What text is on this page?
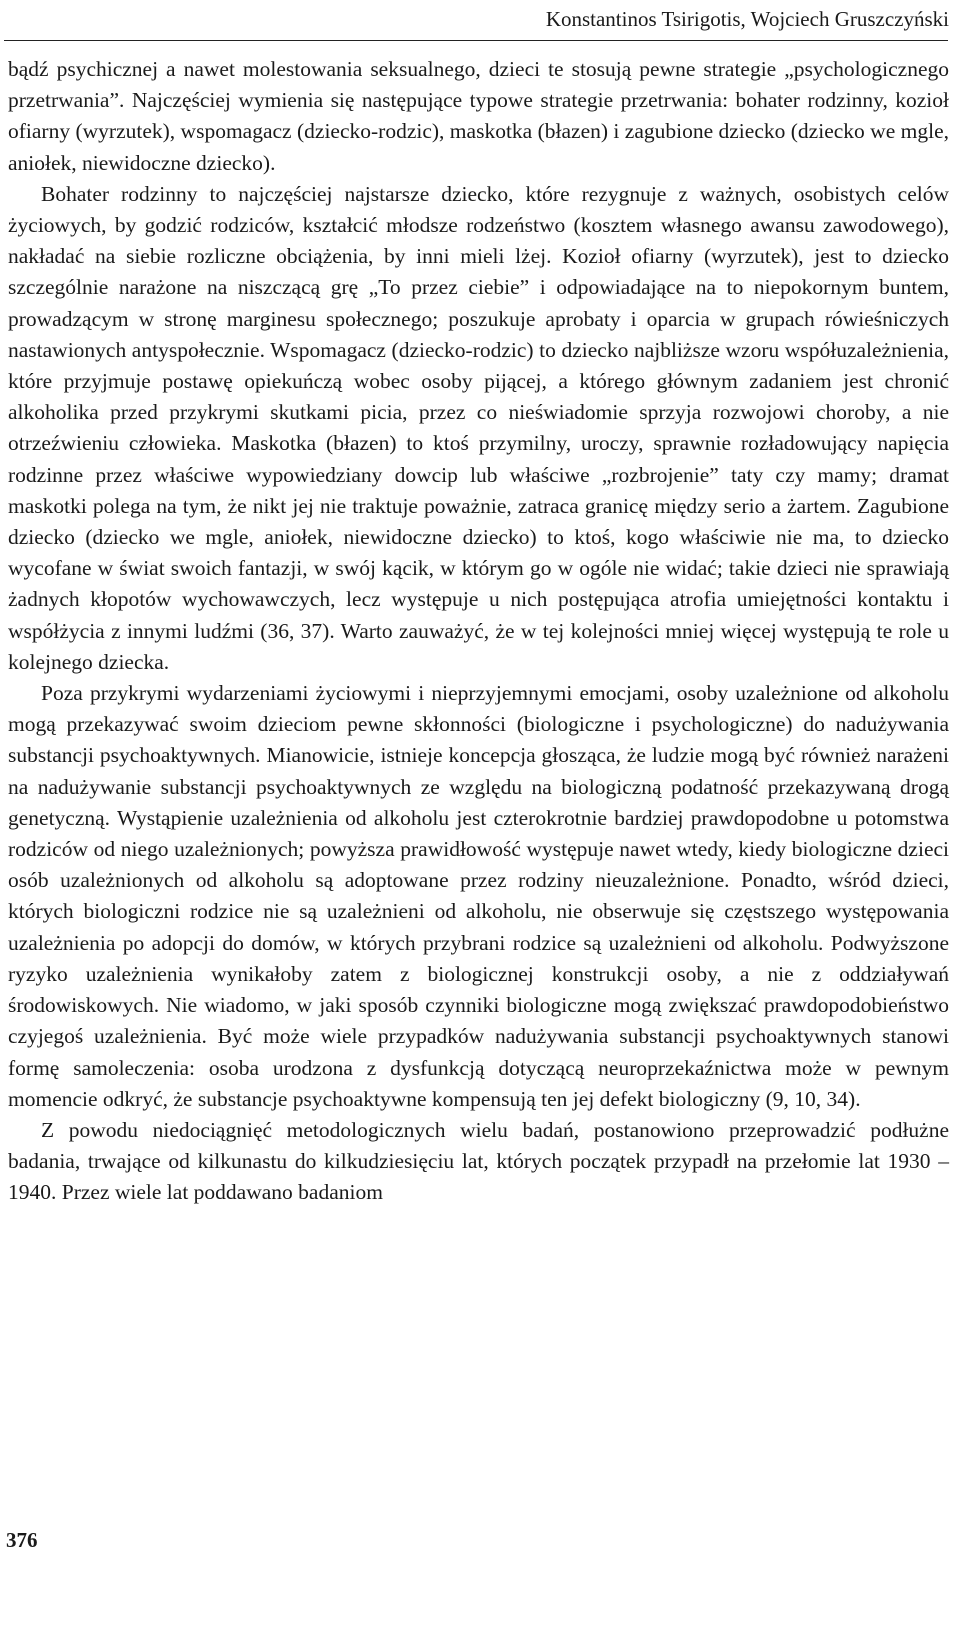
Konstantinos Tsirigotis, Wojciech Gruszczyński

bądź psychicznej a nawet molestowania seksualnego, dzieci te stosują pewne strategie „psychologicznego przetrwania”. Najczęściej wymienia się następujące typowe strategie przetrwania: bohater rodzinny, kozioł ofiarny (wyrzutek), wspomagacz (dziecko-rodzic), maskotka (błazen) i zagubione dziecko (dziecko we mgle, aniołek, niewidoczne dziecko).

Bohater rodzinny to najczęściej najstarsze dziecko, które rezygnuje z ważnych, osobistych celów życiowych, by godzić rodziców, kształcić młodsze rodzeństwo (kosztem własnego awansu zawodowego), nakładać na siebie rozliczne obciążenia, by inni mieli lżej. Kozioł ofiarny (wyrzutek), jest to dziecko szczególnie narażone na niszczącą grę „To przez ciebie” i odpowiadające na to niepokornym buntem, prowadzącym w stronę marginesu społecznego; poszukuje aprobaty i oparcia w grupach rówieśniczych nastawionych antyspołecznie. Wspomagacz (dziecko-rodzic) to dziecko najbliższe wzoru współuzależnienia, które przyjmuje postawę opiekuńczą wobec osoby pijącej, a którego głównym zadaniem jest chronić alkoholika przed przykrymi skutkami picia, przez co nieświadomie sprzyja rozwojowi choroby, a nie otrzeźwieniu człowieka. Maskotka (błazen) to ktoś przymilny, uroczy, sprawnie rozładowujący napięcia rodzinne przez właściwe wypowiedziany dowcip lub właściwe „rozbrojenie” taty czy mamy; dramat maskotki polega na tym, że nikt jej nie traktuje poważnie, zatraca granicę między serio a żartem. Zagubione dziecko (dziecko we mgle, aniołek, niewidoczne dziecko) to ktoś, kogo właściwie nie ma, to dziecko wycofane w świat swoich fantazji, w swój kącik, w którym go w ogóle nie widać; takie dzieci nie sprawiają żadnych kłopotów wychowawczych, lecz występuje u nich postępująca atrofia umiejętności kontaktu i współżycia z innymi ludźmi (36, 37). Warto zauważyć, że w tej kolejności mniej więcej występują te role u kolejnego dziecka.

Poza przykrymi wydarzeniami życiowymi i nieprzyjemnymi emocjami, osoby uzależnione od alkoholu mogą przekazywać swoim dzieciom pewne skłonności (biologiczne i psychologiczne) do nadużywania substancji psychoaktywnych. Mianowicie, istnieje koncepcja głosząca, że ludzie mogą być również narażeni na nadużywanie substancji psychoaktywnych ze względu na biologiczną podatność przekazywaną drogą genetyczną. Wystąpienie uzależnienia od alkoholu jest czterokrotnie bardziej prawdopodobne u potomstwa rodziców od niego uzależnionych; powyższa prawidłowość występuje nawet wtedy, kiedy biologiczne dzieci osób uzależnionych od alkoholu są adoptowane przez rodziny nieuzależnione. Ponadto, wśród dzieci, których biologiczni rodzice nie są uzależnieni od alkoholu, nie obserwuje się częstszego występowania uzależnienia po adopcji do domów, w których przybrani rodzice są uzależnieni od alkoholu. Podwyższone ryzyko uzależnienia wynikałoby zatem z biologicznej konstrukcji osoby, a nie z oddziaływań środowiskowych. Nie wiadomo, w jaki sposób czynniki biologiczne mogą zwiększać prawdopodobieństwo czyjegoś uzależnienia. Być może wiele przypadków nadużywania substancji psychoaktywnych stanowi formę samoleczenia: osoba urodzona z dysfunkcją dotyczącą neuroprzekaźnictwa może w pewnym momencie odkryć, że substancje psychoaktywne kompensują ten jej defekt biologiczny (9, 10, 34).

Z powodu niedociągnięć metodologicznych wielu badań, postanowiono przeprowadzić podłużne badania, trwające od kilkunastu do kilkudziesięciu lat, których początek przypadł na przełomie lat 1930 – 1940. Przez wiele lat poddawano badaniom

376
